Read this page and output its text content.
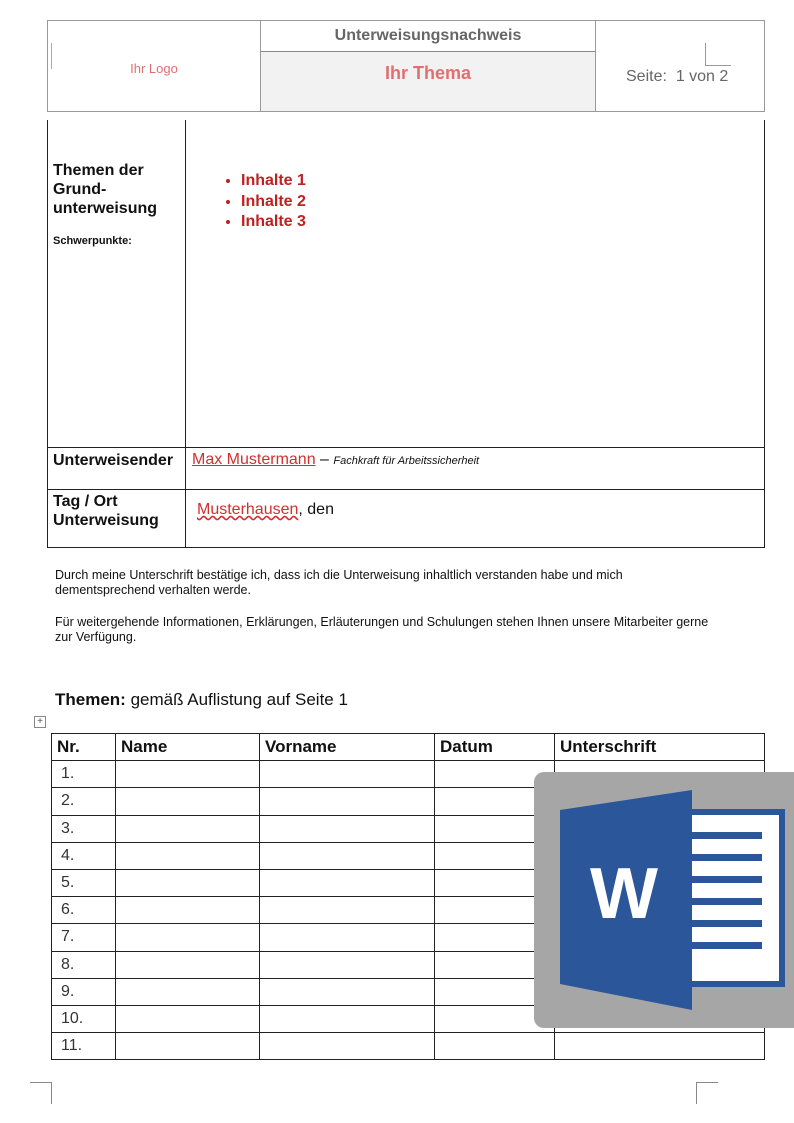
Ihr Logo
Unterweisungsnachweis
Ihr Thema	Seite: 1 von 2
Themen der
Grund-
unterweisung
Schwerpunkte:
• Inhalte 1
• Inhalte 2
• Inhalte 3
Unterweisender Max Mustermann – Fachkraft für Arbeitssicherheit
Tag / Ort
Unterweisung
Musterhausen, den
Durch meine Unterschrift bestätige ich, dass ich die Unterweisung inhaltlich verstanden habe und mich dementsprechend verhalten werde.
Für weitergehende Informationen, Erklärungen, Erläuterungen und Schulungen stehen Ihnen unsere Mitarbeiter gerne zur Verfügung.
Themen: gemäß Auflistung auf Seite 1
+
Nr.	Name	Vorname	Datum	Unterschrift
1.				
2.				
3.				
4.				
5.				
6.				
7.				
8.				
9.				
10.				
11.				
W
